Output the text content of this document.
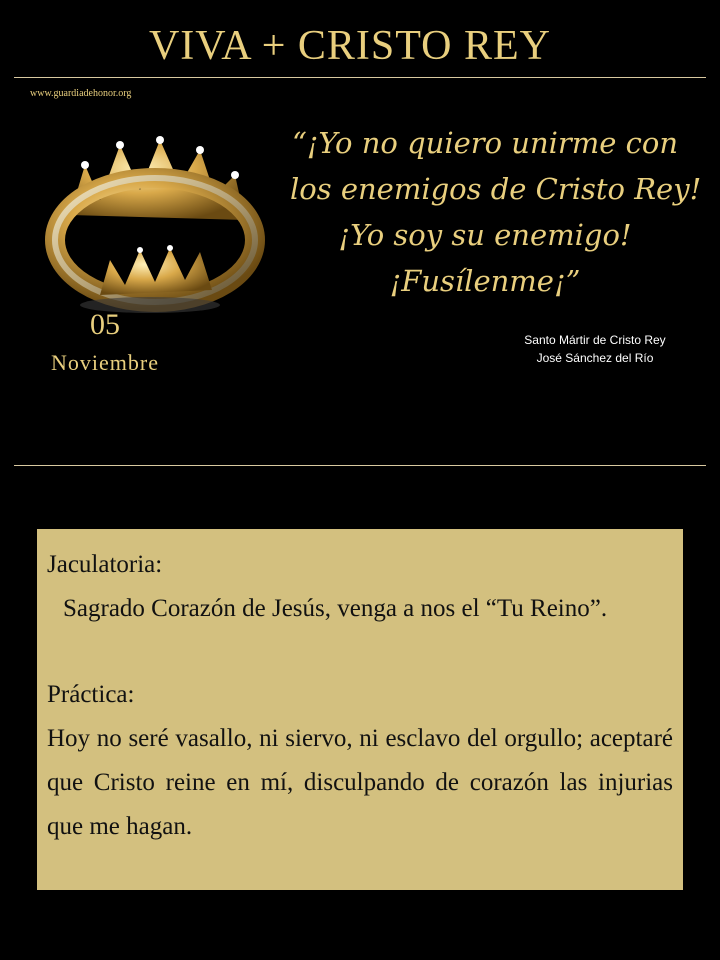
VIVA + CRISTO REY
www.guardiadehonor.org
05
Noviembre
“¡Yo no quiero unirme con
los enemigos de Cristo Rey!
¡Yo soy su enemigo!
¡Fusílenme¡”
Santo Mártir de Cristo Rey
José Sánchez del Río
Jaculatoria:
Sagrado Corazón de Jesús, venga a nos el “Tu Reino”.
Práctica:
Hoy no seré vasallo, ni siervo, ni esclavo del orgullo; aceptaré que Cristo reine en mí, disculpando de corazón las injurias que me hagan.
